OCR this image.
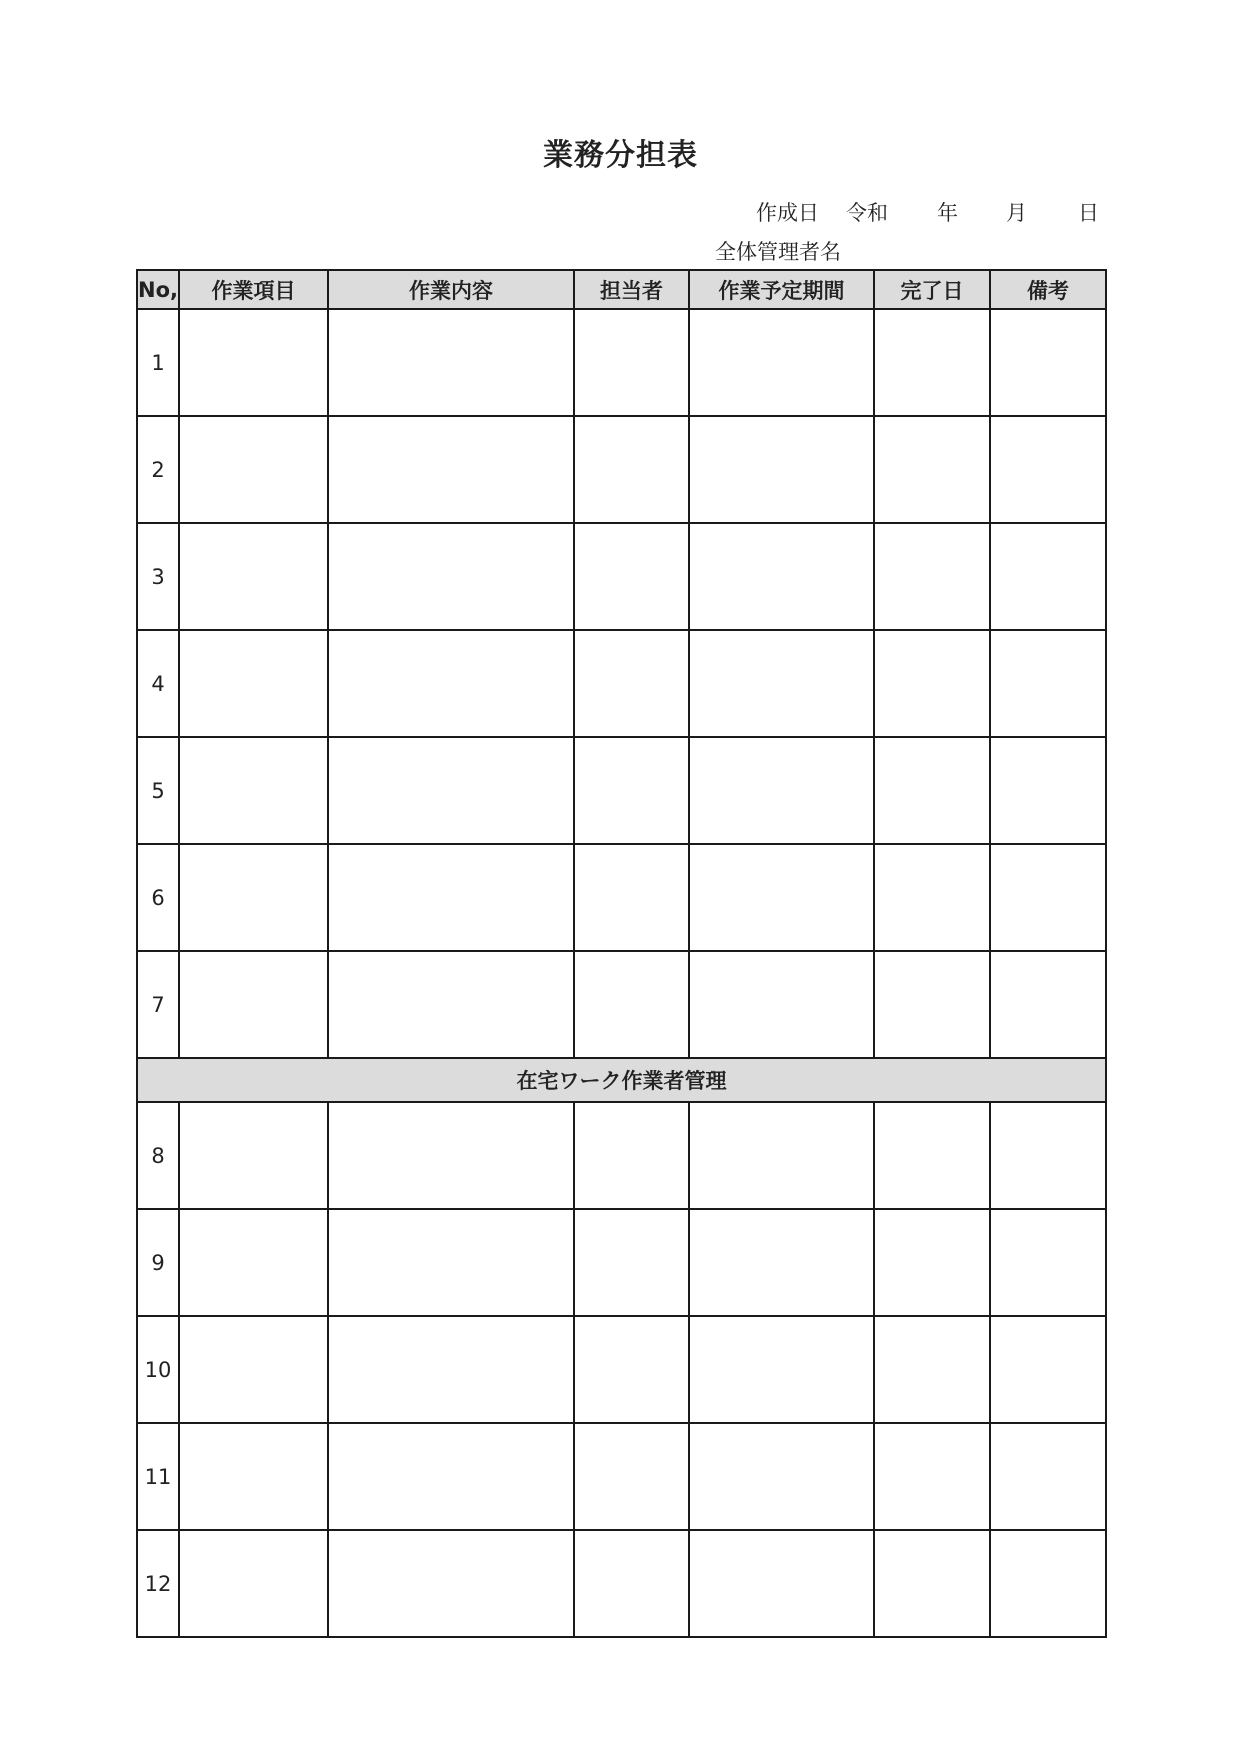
業務分担表
作成日 令和 年 月 日
全体管理者名
No,	作業項目	作業内容	担当者	作業予定期間	完了日	備考
1						
2						
3						
4						
5						
6						
7						
在宅ワーク作業者管理						
8						
9						
10						
11						
12						
